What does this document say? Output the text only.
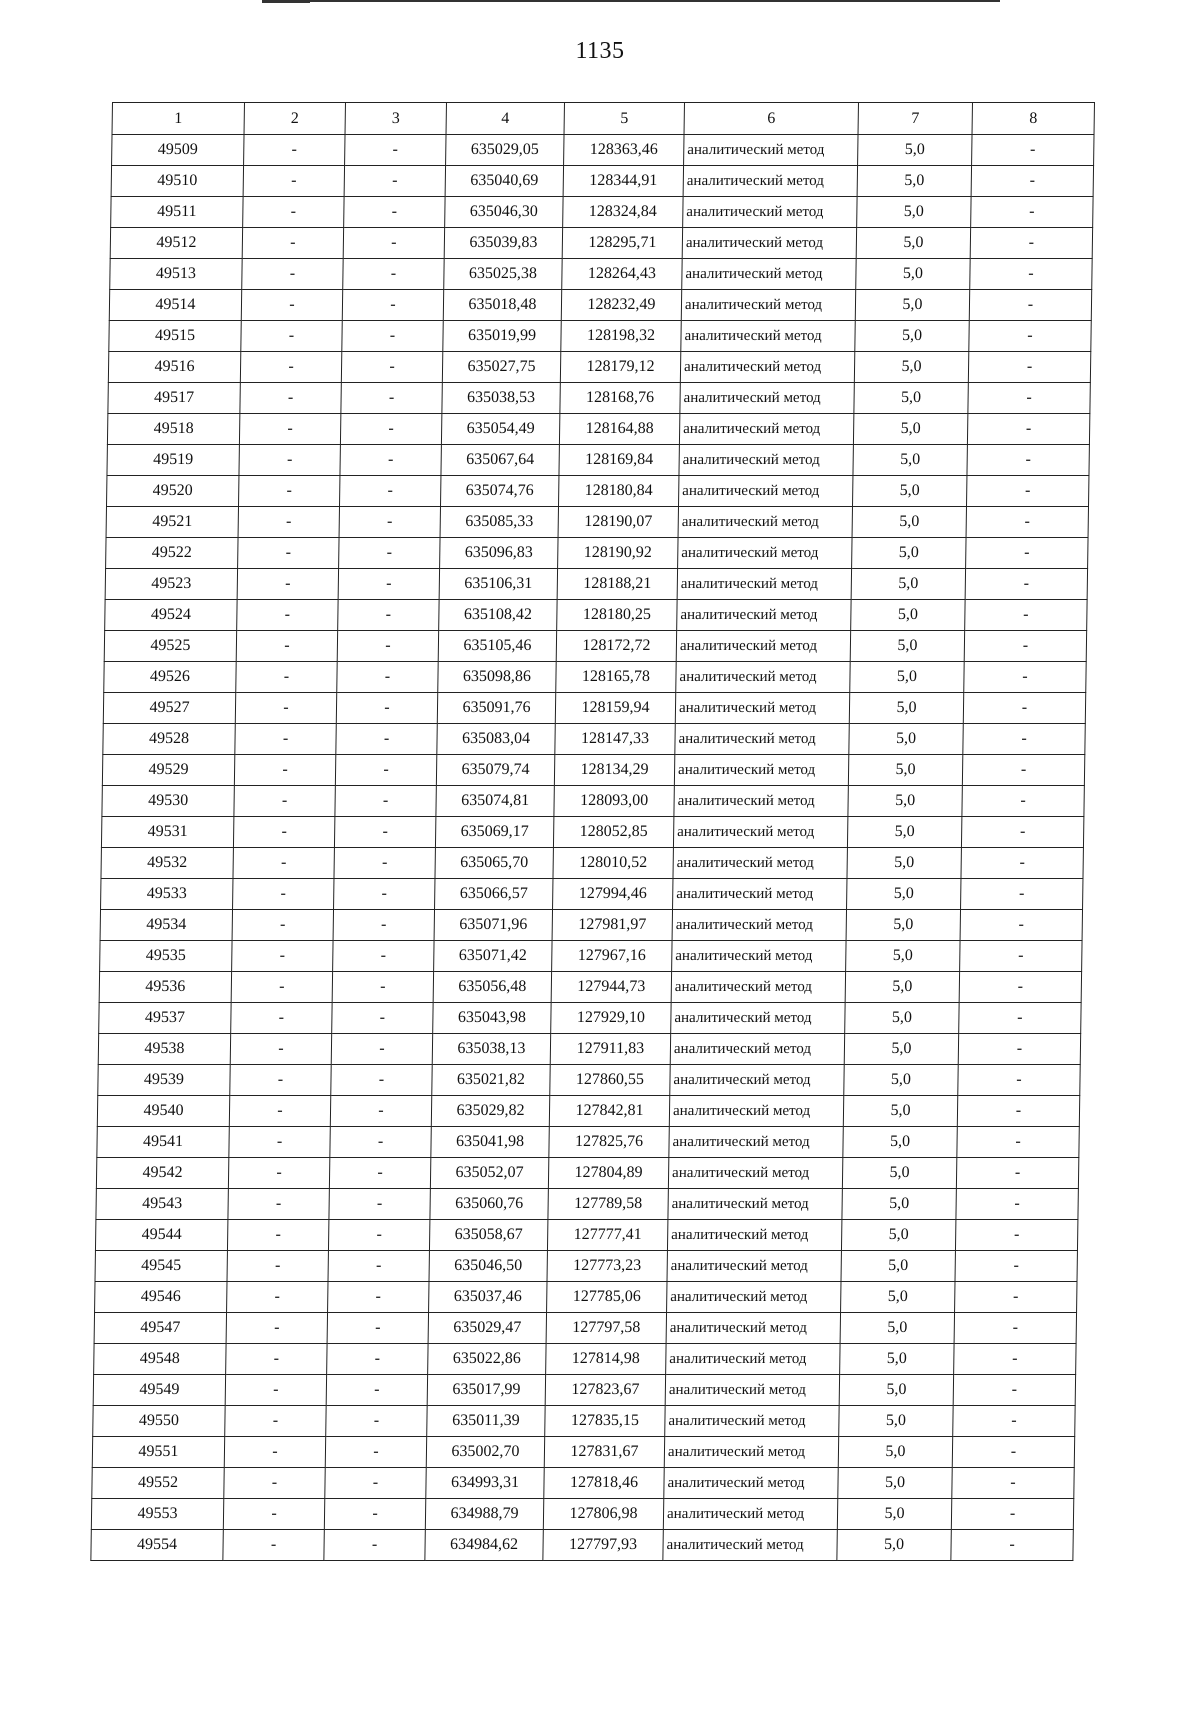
1135
1	2	3	4	5	6	7	8
49509	-	-	635029,05	128363,46	аналитический метод	5,0	-
49510	-	-	635040,69	128344,91	аналитический метод	5,0	-
49511	-	-	635046,30	128324,84	аналитический метод	5,0	-
49512	-	-	635039,83	128295,71	аналитический метод	5,0	-
49513	-	-	635025,38	128264,43	аналитический метод	5,0	-
49514	-	-	635018,48	128232,49	аналитический метод	5,0	-
49515	-	-	635019,99	128198,32	аналитический метод	5,0	-
49516	-	-	635027,75	128179,12	аналитический метод	5,0	-
49517	-	-	635038,53	128168,76	аналитический метод	5,0	-
49518	-	-	635054,49	128164,88	аналитический метод	5,0	-
49519	-	-	635067,64	128169,84	аналитический метод	5,0	-
49520	-	-	635074,76	128180,84	аналитический метод	5,0	-
49521	-	-	635085,33	128190,07	аналитический метод	5,0	-
49522	-	-	635096,83	128190,92	аналитический метод	5,0	-
49523	-	-	635106,31	128188,21	аналитический метод	5,0	-
49524	-	-	635108,42	128180,25	аналитический метод	5,0	-
49525	-	-	635105,46	128172,72	аналитический метод	5,0	-
49526	-	-	635098,86	128165,78	аналитический метод	5,0	-
49527	-	-	635091,76	128159,94	аналитический метод	5,0	-
49528	-	-	635083,04	128147,33	аналитический метод	5,0	-
49529	-	-	635079,74	128134,29	аналитический метод	5,0	-
49530	-	-	635074,81	128093,00	аналитический метод	5,0	-
49531	-	-	635069,17	128052,85	аналитический метод	5,0	-
49532	-	-	635065,70	128010,52	аналитический метод	5,0	-
49533	-	-	635066,57	127994,46	аналитический метод	5,0	-
49534	-	-	635071,96	127981,97	аналитический метод	5,0	-
49535	-	-	635071,42	127967,16	аналитический метод	5,0	-
49536	-	-	635056,48	127944,73	аналитический метод	5,0	-
49537	-	-	635043,98	127929,10	аналитический метод	5,0	-
49538	-	-	635038,13	127911,83	аналитический метод	5,0	-
49539	-	-	635021,82	127860,55	аналитический метод	5,0	-
49540	-	-	635029,82	127842,81	аналитический метод	5,0	-
49541	-	-	635041,98	127825,76	аналитический метод	5,0	-
49542	-	-	635052,07	127804,89	аналитический метод	5,0	-
49543	-	-	635060,76	127789,58	аналитический метод	5,0	-
49544	-	-	635058,67	127777,41	аналитический метод	5,0	-
49545	-	-	635046,50	127773,23	аналитический метод	5,0	-
49546	-	-	635037,46	127785,06	аналитический метод	5,0	-
49547	-	-	635029,47	127797,58	аналитический метод	5,0	-
49548	-	-	635022,86	127814,98	аналитический метод	5,0	-
49549	-	-	635017,99	127823,67	аналитический метод	5,0	-
49550	-	-	635011,39	127835,15	аналитический метод	5,0	-
49551	-	-	635002,70	127831,67	аналитический метод	5,0	-
49552	-	-	634993,31	127818,46	аналитический метод	5,0	-
49553	-	-	634988,79	127806,98	аналитический метод	5,0	-
49554	-	-	634984,62	127797,93	аналитический метод	5,0	-
